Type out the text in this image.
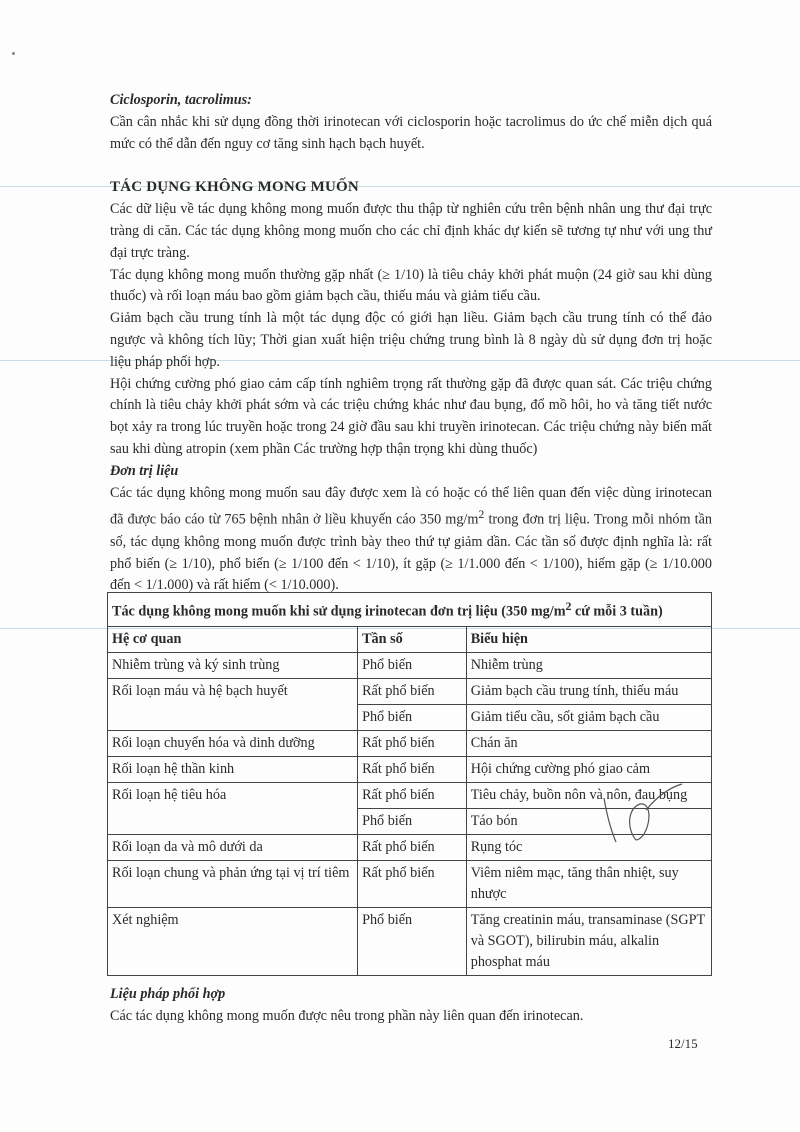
Ciclosporin, tacrolimus:

Cần cân nhắc khi sử dụng đồng thời irinotecan với ciclosporin hoặc tacrolimus do ức chế miễn dịch quá mức có thể dẫn đến nguy cơ tăng sinh hạch bạch huyết.

TÁC DỤNG KHÔNG MONG MUỐN

Các dữ liệu về tác dụng không mong muốn được thu thập từ nghiên cứu trên bệnh nhân ung thư đại trực tràng di căn. Các tác dụng không mong muốn cho các chỉ định khác dự kiến sẽ tương tự như với ung thư đại trực tràng.

Tác dụng không mong muốn thường gặp nhất (≥ 1/10) là tiêu chảy khởi phát muộn (24 giờ sau khi dùng thuốc) và rối loạn máu bao gồm giảm bạch cầu, thiếu máu và giảm tiểu cầu.

Giảm bạch cầu trung tính là một tác dụng độc có giới hạn liều. Giảm bạch cầu trung tính có thể đảo ngược và không tích lũy; Thời gian xuất hiện triệu chứng trung bình là 8 ngày dù sử dụng đơn trị hoặc liệu pháp phối hợp.

Hội chứng cường phó giao cảm cấp tính nghiêm trọng rất thường gặp đã được quan sát. Các triệu chứng chính là tiêu chảy khởi phát sớm và các triệu chứng khác như đau bụng, đổ mồ hôi, ho và tăng tiết nước bọt xảy ra trong lúc truyền hoặc trong 24 giờ đầu sau khi truyền irinotecan. Các triệu chứng này biến mất sau khi dùng atropin (xem phần Các trường hợp thận trọng khi dùng thuốc)

Đơn trị liệu

Các tác dụng không mong muốn sau đây được xem là có hoặc có thể liên quan đến việc dùng irinotecan đã được báo cáo từ 765 bệnh nhân ở liều khuyến cáo 350 $mg/m^2$ trong đơn trị liệu. Trong mỗi nhóm tần số, tác dụng không mong muốn được trình bày theo thứ tự giảm dần. Các tần số được định nghĩa là: rất phổ biến (≥ 1/10), phổ biến (≥ 1/100 đến < 1/10), ít gặp (≥ 1/1.000 đến < 1/100), hiếm gặp (≥ 1/10.000 đến < 1/1.000) và rất hiếm (< 1/10.000).

Tác dụng không mong muốn khi sử dụng irinotecan đơn trị liệu (350 $mg/m^2$ cứ mỗi 3 tuần)		
Hệ cơ quan	Tần số	Biểu hiện
Nhiễm trùng và ký sinh trùng	Phổ biến	Nhiễm trùng
Rối loạn máu và hệ bạch huyết	Rất phổ biến	Giảm bạch cầu trung tính, thiếu máu
	Phổ biến	Giảm tiểu cầu, sốt giảm bạch cầu
Rối loạn chuyển hóa và dinh dưỡng	Rất phổ biến	Chán ăn
Rối loạn hệ thần kinh	Rất phổ biến	Hội chứng cường phó giao cảm
Rối loạn hệ tiêu hóa	Rất phổ biến	Tiêu chảy, buồn nôn và nôn, đau bụng
	Phổ biến	Táo bón
Rối loạn da và mô dưới da	Rất phổ biến	Rụng tóc
Rối loạn chung và phản ứng tại vị trí tiêm	Rất phổ biến	Viêm niêm mạc, tăng thân nhiệt, suy nhược
Xét nghiệm	Phổ biến	Tăng creatinin máu, transaminase (SGPT và SGOT), bilirubin máu, alkalin phosphat máu

Liệu pháp phối hợp

Các tác dụng không mong muốn được nêu trong phần này liên quan đến irinotecan.

12/15
